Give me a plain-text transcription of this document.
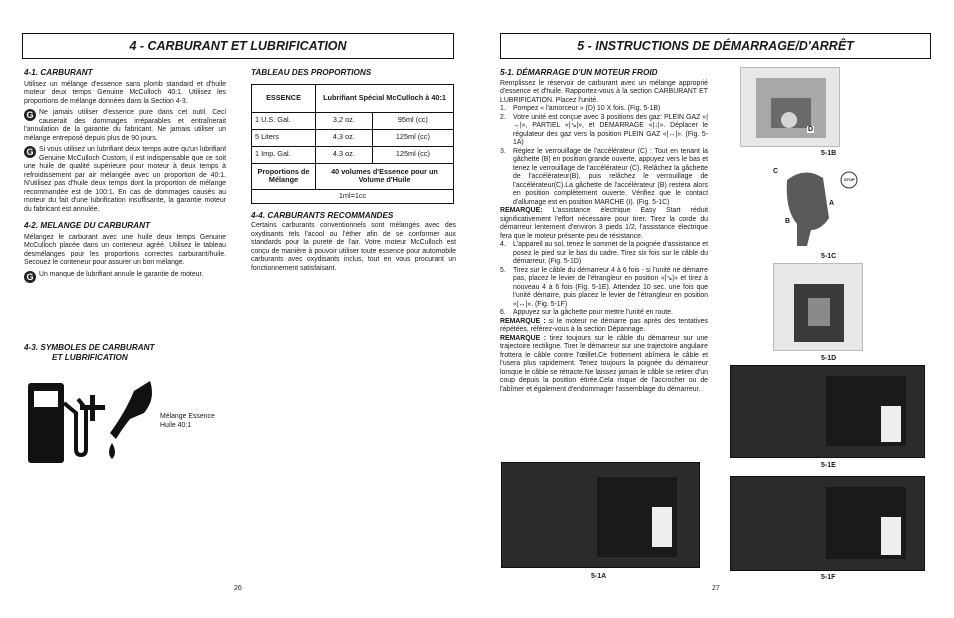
4 - CARBURANT ET LUBRIFICATION
4-1. CARBURANT
Utilisez un mélange d'essence sans plomb standard et d'huile moteur deux temps Genuine McCulloch 40:1. Utilisez les proportions de mélange données dans la Section 4-3.
G Ne jamais utiliser d'essence pure dans cet outil. Ceci causerait des dommages irréparables et entraînerait l'annulation de la garantie du fabricant. Ne jamais utiliser un mélange entreposé depuis plus de 90 jours.
G Si vous utilisez un lubrifiant deux temps autre qu'un lubrifiant Genuine McCulloch Custom, il est indispensable que ce soit une huile de qualité supérieure pour moteur à deux temps à refroidissement par air mélangée avec un proportion de 40:1. N'utilisez pas d'huile deux temps dont la proportion de mélange recommandée est de 100:1. En cas de dommages causés au moteur du fait d'une lubrification insuffisante, la garantie moteur du fabricant est annulée.
4-2. MELANGE DU CARBURANT
Mélangez le carburant avec une huile deux temps Genuine McCulloch placée dans un conteneur agréé. Utilisez le tableau desmélanges pour les proportions correctes carburant/huile. Secouez le conteneur pour assurer un bon mélange.
G Un manque de lubrifiant annule le garantie de moteur.
4-3. SYMBOLES DE CARBURANT
ET LUBRIFICATION
Mélange Essence
Huile 40:1
TABLEAU DES PROPORTIONS
ESSENCE	Lubrifiant Spécial McCulloch à 40:1	
1 U.S. Gal.	3,2 oz.	95ml (cc)
5 Liters	4,3 oz.	125ml (cc)
1 Imp. Gal.	4,3 oz.	125ml (cc)
Proportions de Mélange	40 volumes d'Essence pour un Volume d'Huile	
1ml=1cc		
4-4. CARBURANTS RECOMMANDES
Certains carburants conventionnels sont mélangés avec des oxydisants tels l'acool ou l'éther afin de se conformer aux standards pour la pureté de l'air. Votre moteur McCulloch est conçu de manière à pouvoir utiliser toute essence pour automobile carburants avec oxydisants inclus, tout en vous procurant un fonctionnement satisfaisant.
26
5 - INSTRUCTIONS DE DÉMARRAGE/D'ARRÊT
5-1. DÉMARRAGE D'UN MOTEUR FROID
Remplissez le réservoir de carburant avec un mélange approprié d'essence et d'huile. Rapportez-vous à la section CARBURANT ET LUBRIFICATION. Placez l'unité.
1. Pompez « l'amorceur » (D) 10 X fois. (Fig. 5-1B)
2. Votre unité est conçue avec 3 positions des gaz: PLEIN GAZ «|↔|», PARTIEL «|↘|», et DEMARRAGE «|↓|». Déplacer le régulateur des gaz vers la position PLEIN GAZ «|↔|». (Fig. 5-1A)
3. Réglez le verrouillage de l'accélérateur (C) : Tout en tenant la gâchette (B) en position grande ouverte, appuyez vers le bas et tenez le verrouillage de l'accélérateur (C). Relâchez la gâchette de l'accélérateur(B), puis relâchez le verrouillage de l'accélérateur(C).La gâchette de l'accélérateur (B) restera alors en position complètement ouverte. Vérifiez que le contact d'allumage est en position MARCHE (I). (Fig. 5-1C)
REMARQUE: L'assistance électrique Easy Start réduit significativement l'effort nécessaire pour tirer. Tirez la corde du démarreur lentement d'environ 3 pieds 1/2, l'assistance électrique fera que le moteur présente peu de résistance.
4. L'appareil au sol, tenez le sommet de la poignée d'assistance et posez le pied sur le bas du cadre. Tirez six fois sur le câble du démarreur. (Fig. 5-1D)
5. Tirez sur le câble du démarreur 4 à 6 fois - si l'unité ne démarre pas, placez le levier de l'étrangleur en position «|↘|» et tirez à nouveau 4 à 6 fois (Fig. 5-1E). Attendez 10 sec. une fois que l'unité démarre, puis placez le levier de l'étrangleur en position «|↔|». (Fig. 5-1F)
6. Appuyez sur la gâchette pour mettre l'unité en route.
REMARQUE : si le moteur ne démarre pas après des tentatives répétées, référez-vous à la section Dépannage.
REMARQUE : tirez toujours sur le câble du démarreur sur une trajectoire rectiligne. Tirer le démarreur sur une trajectoire angulaire frottera le câble contre l'œillet.Ce frottement abîmera le câble et l'usera plus rapidement. Tenez toujours la poignée du démarreur lorsque le câble se rétracte.Ne laissez jamais le câble se retirer d'un coup depuis la position étirée.Cela risque de l'accrocher ou de l'abîmer et également d'endommager l'assemblage du démarreur.
D
5-1B
C
A
B
STOP
5-1C
5-1D
5-1E
5-1A	5-1F
27
